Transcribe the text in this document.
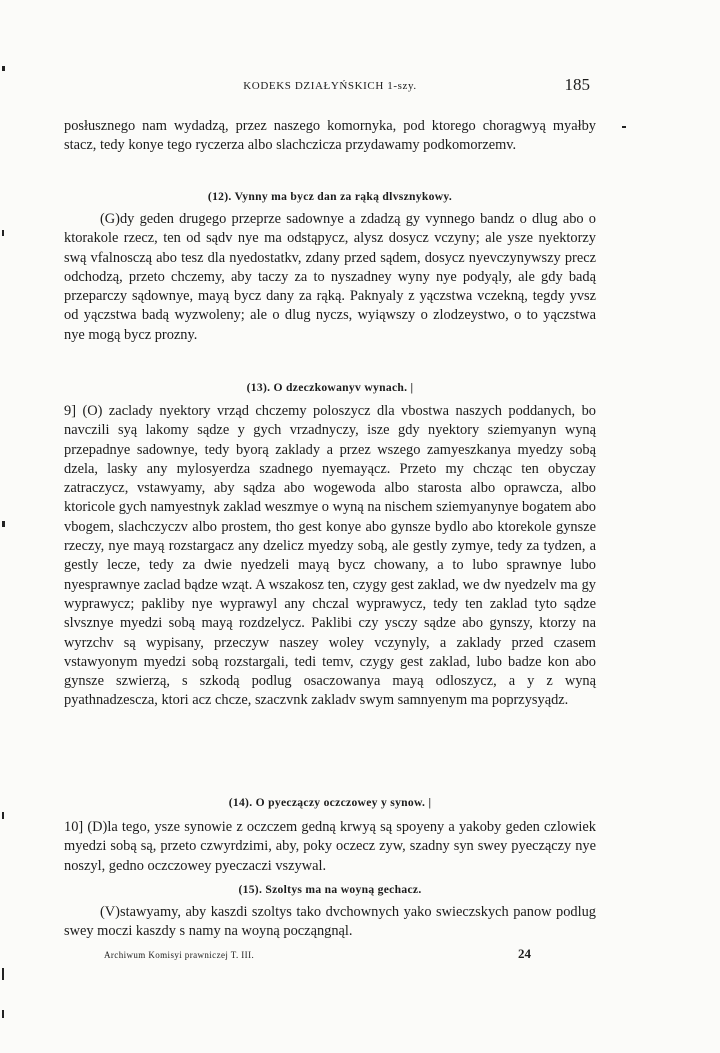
KODEKS DZIAŁYŃSKICH 1-szy.	185

posłusznego nam wydadzą, przez naszego komornyka, pod ktorego choragwyą myałby stacz, tedy konye tego ryczerza albo slachczicza przydawamy podkomorzemv.

(12). Vynny ma bycz dan za rąką dlvsznykowy.

(G)dy geden drugego przeprze sadownye a zdadzą gy vynnego bandz o dlug abo o ktorakole rzecz, ten od sądv nye ma odstąpycz, alysz dosycz vczyny; ale ysze nyektorzy swą vfalnosczą abo tesz dla nyedostatkv, zdany przed sądem, dosycz nyevczynywszy precz odchodzą, przeto chczemy, aby taczy za to nyszadney wyny nye podyąly, ale gdy badą przeparczy sądownye, mayą bycz dany za rąką. Paknyaly z yączstwa vczekną, tegdy yvsz od yączstwa badą wyzwoleny; ale o dlug nyczs, wyiąwszy o zlodzeystwo, o to yączstwa nye mogą bycz prozny.

(13). O dzeczkowanyv wynach. |

9] (O) zaclady nyektory vrząd chczemy poloszycz dla vbostwa naszych poddanych, bo navczili syą lakomy sądze y gych vrzadnyczy, isze gdy nyektory sziemyanyn wyną przepadnye sadownye, tedy byorą zaklady a przez wszego zamyeszkanya myedzy sobą dzela, lasky any mylosyerdza szadnego nyemayącz. Przeto my chcząc ten obyczay zatraczycz, vstawyamy, aby sądza abo wogewoda albo starosta albo oprawcza, albo ktoricole gych namyestnyk zaklad weszmye o wyną na nischem sziemyanynye bogatem abo vbogem, slachczyczv albo prostem, tho gest konye abo gynsze bydlo abo ktorekole gynsze rzeczy, nye mayą rozstargacz any dzelicz myedzy sobą, ale gestly zymye, tedy za tydzen, a gestly lecze, tedy za dwie nyedzeli mayą bycz chowany, a to lubo sprawnye lubo nyesprawnye zaclad bądze wząt. A wszakosz ten, czygy gest zaklad, we dw nyedzelv ma gy wyprawycz; pakliby nye wyprawyl any chczal wyprawycz, tedy ten zaklad tyto sądze slvsznye myedzi sobą mayą rozdzelycz. Paklibi czy ysczy sądze abo gynszy, ktorzy na wyrzchv są wypisany, przeczyw naszey woley vczynyly, a zaklady przed czasem vstawyonym myedzi sobą rozstargali, tedi temv, czygy gest zaklad, lubo badze kon abo gynsze szwierzą, s szkodą podlug osaczowanya mayą odloszycz, a y z wyną pyathnadzescza, ktori acz chcze, szaczvnk zakladv swym samnyenym ma poprzysyądz.

(14). O pyeczączy oczczowey y synow. |

10] (D)la tego, ysze synowie z oczczem gedną krwyą są spoyeny a yakoby geden czlowiek myedzi sobą są, przeto czwyrdzimi, aby, poky oczecz zyw, szadny syn swey pyeczączy nye noszyl, gedno oczczowey pyeczaczi vszywal.

(15). Szoltys ma na woyną gechacz.

(V)stawyamy, aby kaszdi szoltys tako dvchownych yako swieczskych panow podlug swey moczi kaszdy s namy na woyną począngnąl.

Archiwum Komisyi prawniczej T. III.	24
